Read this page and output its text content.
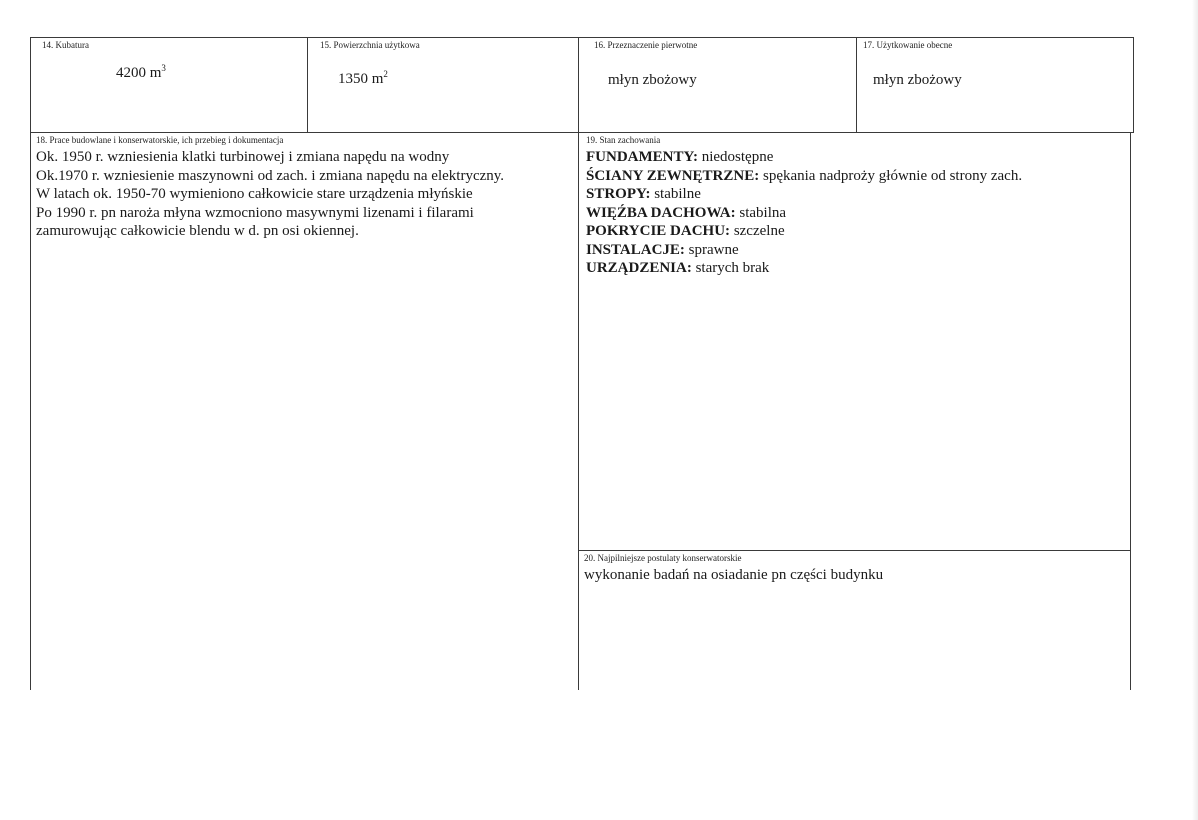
14. Kubatura
4200 $m^3$
15. Powierzchnia użytkowa
1350 $m^2$
16. Przeznaczenie pierwotne
młyn zbożowy
17. Użytkowanie obecne
młyn zbożowy
18. Prace budowlane i konserwatorskie, ich przebieg i dokumentacja
Ok. 1950 r. wzniesienia klatki turbinowej i zmiana napędu na wodny
Ok.1970 r. wzniesienie maszynowni od zach. i zmiana napędu na elektryczny.
W latach ok. 1950-70 wymieniono całkowicie stare urządzenia młyńskie
Po 1990 r. pn naroża młyna wzmocniono masywnymi lizenami i filarami
zamurowując całkowicie blendu w d. pn osi okiennej.
19. Stan zachowania
FUNDAMENTY: niedostępne
ŚCIANY ZEWNĘTRZNE: spękania nadproży głównie od strony zach.
STROPY: stabilne
WIĘŹBA DACHOWA: stabilna
POKRYCIE DACHU: szczelne
INSTALACJE: sprawne
URZĄDZENIA: starych brak
20. Najpilniejsze postulaty konserwatorskie
wykonanie badań na osiadanie pn części budynku
